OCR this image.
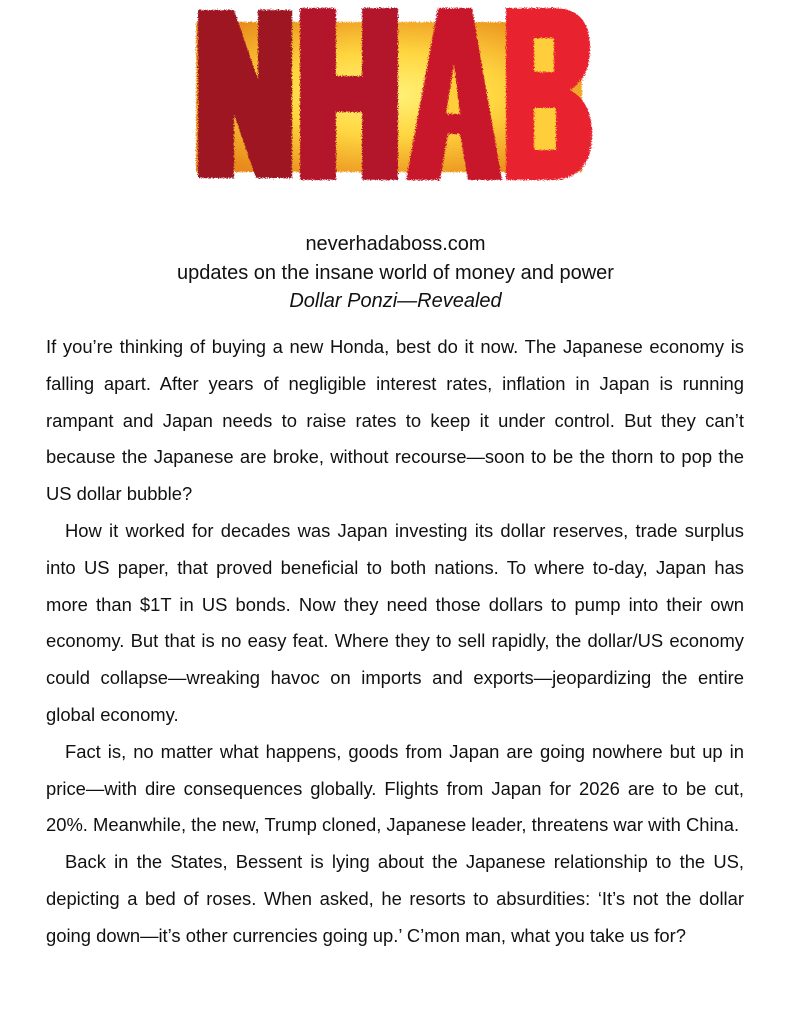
neverhadaboss.com
updates on the insane world of money and power
Dollar Ponzi—Revealed

If you’re thinking of buying a new Honda, best do it now. The Japanese economy is falling apart. After years of negligible interest rates, inflation in Japan is running rampant and Japan needs to raise rates to keep it under control. But they can’t because the Japanese are broke, without recourse—soon to be the thorn to pop the US dollar bubble?

How it worked for decades was Japan investing its dollar reserves, trade surplus into US paper, that proved beneficial to both nations. To where to-day, Japan has more than $1T in US bonds. Now they need those dollars to pump into their own economy. But that is no easy feat. Where they to sell rapidly, the dollar/US economy could collapse—wreaking havoc on imports and exports—jeopardizing the entire global economy.

Fact is, no matter what happens, goods from Japan are going nowhere but up in price—with dire consequences globally. Flights from Japan for 2026 are to be cut, 20%. Meanwhile, the new, Trump cloned, Japanese leader, threatens war with China.

Back in the States, Bessent is lying about the Japanese relationship to the US, depicting a bed of roses. When asked, he resorts to absurdities: ‘It’s not the dollar going down—it’s other currencies going up.’ C’mon man, what you take us for?
